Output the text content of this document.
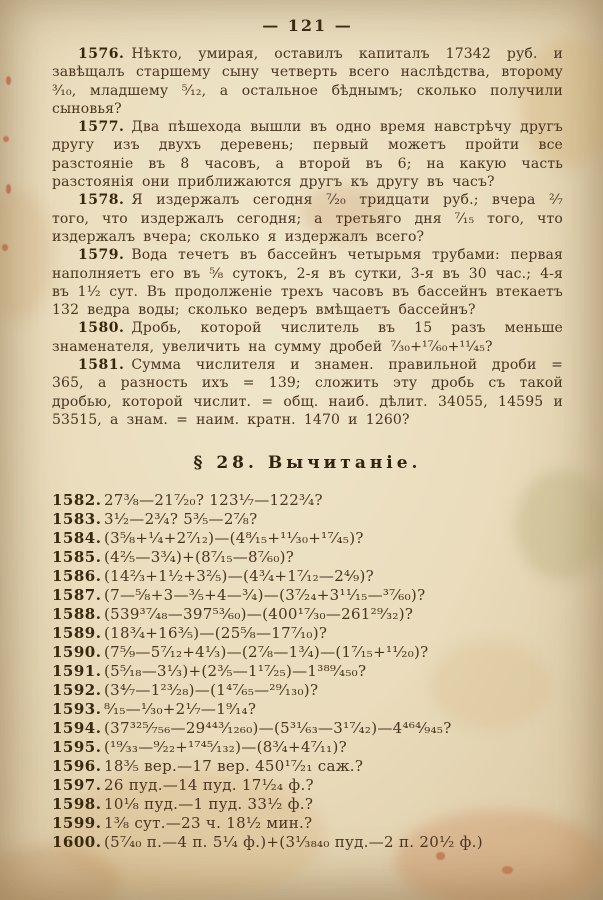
— 121 —

1576. Нѣкто, умирая, оставилъ капиталъ 17342 руб. и завѣщалъ старшему сыну четверть всего наслѣдства, второму ³⁄₁₀, младшему ⁵⁄₁₂, а остальное бѣднымъ; сколько получили сыновья?

1577. Два пѣшехода вышли въ одно время навстрѣчу другъ другу изъ двухъ деревень; первый можетъ пройти все разстояніе въ 8 часовъ, а второй въ 6; на какую часть разстоянія они приближаются другъ къ другу въ часъ?

1578. Я издержалъ сегодня ⁷⁄₂₀ тридцати руб.; вчера ²⁄₇ того, что издержалъ сегодня; а третьяго дня ⁷⁄₁₅ того, что издержалъ вчера; сколько я издержалъ всего?

1579. Вода течетъ въ бассейнъ четырьмя трубами: первая наполняетъ его въ ⁵⁄₈ сутокъ, 2-я въ сутки, 3-я въ 30 час.; 4-я въ 1¹⁄₂ сут. Въ продолженіе трехъ часовъ въ бассейнъ втекаетъ 132 ведра воды; сколько ведеръ вмѣщаетъ бассейнъ?

1580. Дробь, которой числитель въ 15 разъ меньше знаменателя, увеличить на сумму дробей ⁷⁄₃₀+¹⁷⁄₆₀+¹¹⁄₄₅?

1581. Сумма числителя и знамен. правильной дроби = 365, а разность ихъ = 139; сложить эту дробь съ такой дробью, которой числит. = общ. наиб. дѣлит. 34055, 14595 и 53515, а знам. = наим. кратн. 1470 и 1260?

§ 28. Вычитаніе.
1582. 27³⁄₈—21⁷⁄₂₀? 123¹⁄₇—122³⁄₄?
1583. 3¹⁄₂—2³⁄₄? 5³⁄₅—2⁷⁄₈?
1584. (3⁵⁄₈+¹⁄₄+2⁷⁄₁₂)—(4⁸⁄₁₅+¹¹⁄₃₀+¹⁷⁄₄₅)?
1585. (4²⁄₅—3³⁄₄)+(8⁷⁄₁₅—8⁷⁄₆₀)?
1586. (14²⁄₃+1¹⁄₂+3²⁄₅)—(4³⁄₄+1⁷⁄₁₂—2⁴⁄₉)?
1587. (7—⁵⁄₈+3—³⁄₅+4—³⁄₄)—(3⁷⁄₂₄+3¹¹⁄₁₅—³⁷⁄₆₀)?
1588. (539³⁷⁄₄₈—397⁵³⁄₆₀)—(400¹⁷⁄₃₀—261²⁹⁄₃₂)?
1589. (18³⁄₄+16³⁄₅)—(25⁵⁄₈—17⁷⁄₁₀)?
1590. (7⁵⁄₉—5⁷⁄₁₂+4¹⁄₃)—(2⁷⁄₈—1³⁄₄)—(1⁷⁄₁₅+¹¹⁄₂₀)?
1591. (5⁵⁄₁₈—3¹⁄₃)+(2³⁄₅—1¹⁷⁄₂₅)—1³⁸⁹⁄₄₅₀?
1592. (3⁴⁄₇—1²³⁄₂₈)—(1⁴⁷⁄₆₅—²⁹⁄₁₃₀)?
1593. ⁸⁄₁₅—¹⁄₃₀+2¹⁄₇—1⁹⁄₁₄?
1594. (37³²⁵⁄₇₅₆—29⁴⁴³⁄₁₂₆₀)—(5³¹⁄₆₃—3¹⁷⁄₄₂)—4⁴⁶⁴⁄₉₄₅?
1595. (¹⁹⁄₃₃—⁹⁄₂₂+¹⁷⁴⁵⁄₁₃₂)—(8³⁄₄+4⁷⁄₁₁)?
1596. 18³⁄₅ вер.—17 вер. 450¹⁷⁄₂₁ саж.?
1597. 26 пуд.—14 пуд. 17¹⁄₂₄ ф.?
1598. 10¹⁄₈ пуд.—1 пуд. 33¹⁄₂ ф.?
1599. 1³⁄₈ сут.—23 ч. 18¹⁄₂ мин.?
1600. (5⁷⁄₄₀ п.—4 п. 5¹⁄₄ ф.)+(3¹⁄₃₈₄₀ пуд.—2 п. 20¹⁄₂ ф.)
